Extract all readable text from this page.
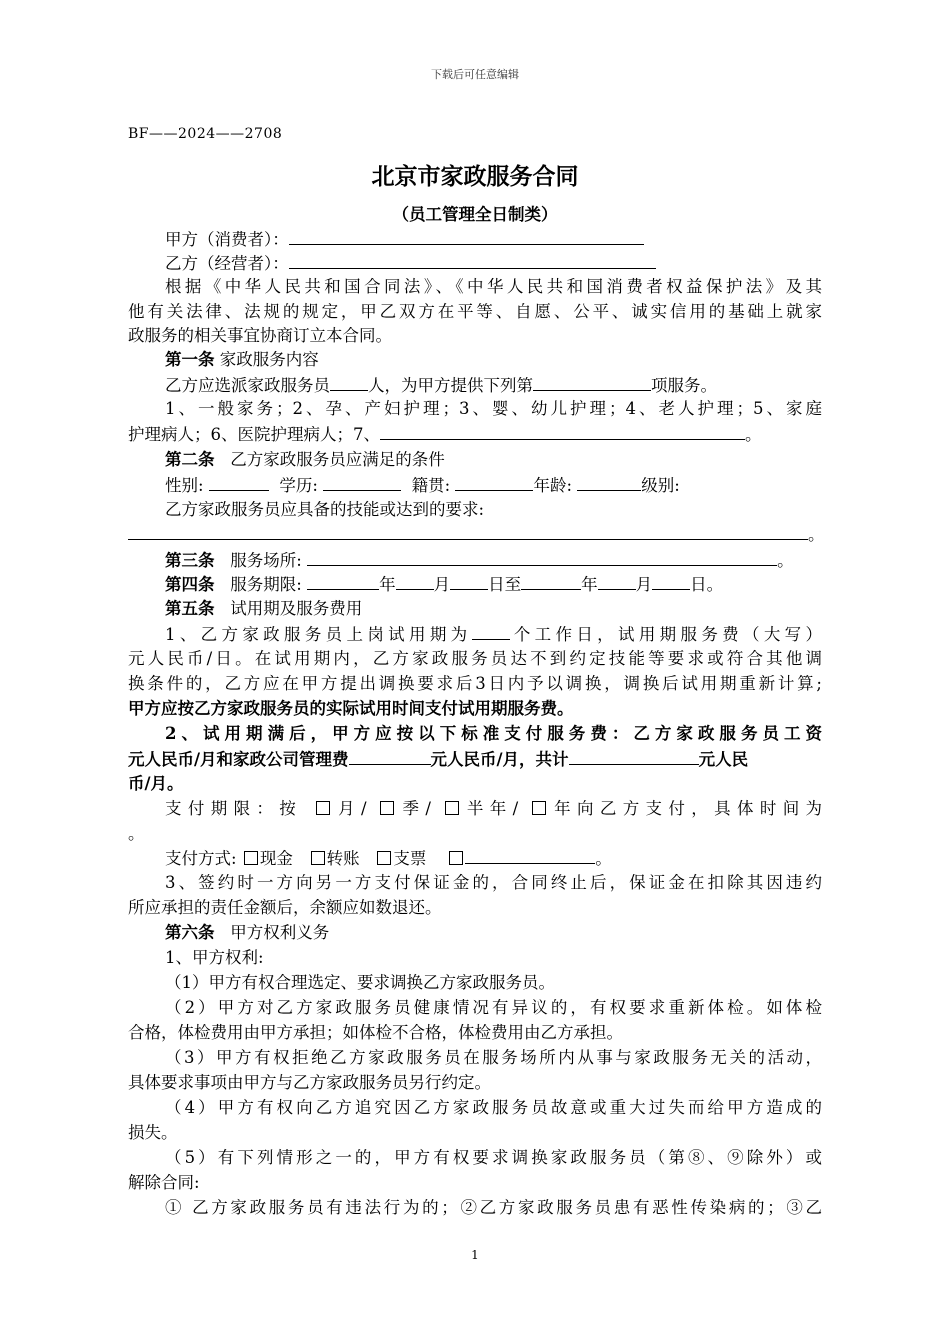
下载后可任意编辑
BF——2024——2708
北京市家政服务合同
（员工管理全日制类）
甲方（消费者）：
乙方（经营者）：
根据《中华人民共和国合同法》、《中华人民共和国消费者权益保护法》及其
他有关法律、法规的规定，甲乙双方在平等、自愿、公平、诚实信用的基础上就家
政服务的相关事宜协商订立本合同。
第一条 家政服务内容
乙方应选派家政服务员 人，为甲方提供下列第	项服务。
1、一般家务；2、孕、产妇护理；3、婴、幼儿护理；4、老人护理；5、家庭
护理病人；6、医院护理病人；7、	。
第二条 乙方家政服务员应满足的条件
性别:	学历:	籍贯:	年龄:	级别:
乙方家政服务员应具备的技能或达到的要求:
。
第三条 服务场所:	。
第四条 服务期限:	年 月 日至	年 月 日。
第五条 试用期及服务费用
1、乙方家政服务员上岗试用期为 个工作日，试用期服务费（大写）
元人民币/日。在试用期内，乙方家政服务员达不到约定技能等要求或符合其他调
换条件的，乙方应在甲方提出调换要求后3日内予以调换，调换后试用期重新计算;
甲方应按乙方家政服务员的实际试用时间支付试用期服务费。
2、试用期满后，甲方应按以下标准支付服务费：乙方家政服务员工资
元人民币/月和家政公司管理费	元人民币/月，共计	元人民
币/月。
支付期限：按 月/ 季/ 半年/ 年向乙方支付，具体时间为
。
支付方式: 现金 转账 支票	。
3、签约时一方向另一方支付保证金的，合同终止后，保证金在扣除其因违约
所应承担的责任金额后，余额应如数退还。
第六条 甲方权利义务
1、甲方权利:
（1）甲方有权合理选定、要求调换乙方家政服务员。
（2）甲方对乙方家政服务员健康情况有异议的，有权要求重新体检。如体检
合格，体检费用由甲方承担；如体检不合格，体检费用由乙方承担。
（3）甲方有权拒绝乙方家政服务员在服务场所内从事与家政服务无关的活动，
具体要求事项由甲方与乙方家政服务员另行约定。
（4）甲方有权向乙方追究因乙方家政服务员故意或重大过失而给甲方造成的
损失。
（5）有下列情形之一的，甲方有权要求调换家政服务员（第⑧、⑨除外）或
解除合同:
① 乙方家政服务员有违法行为的；②乙方家政服务员患有恶性传染病的；③乙
1
